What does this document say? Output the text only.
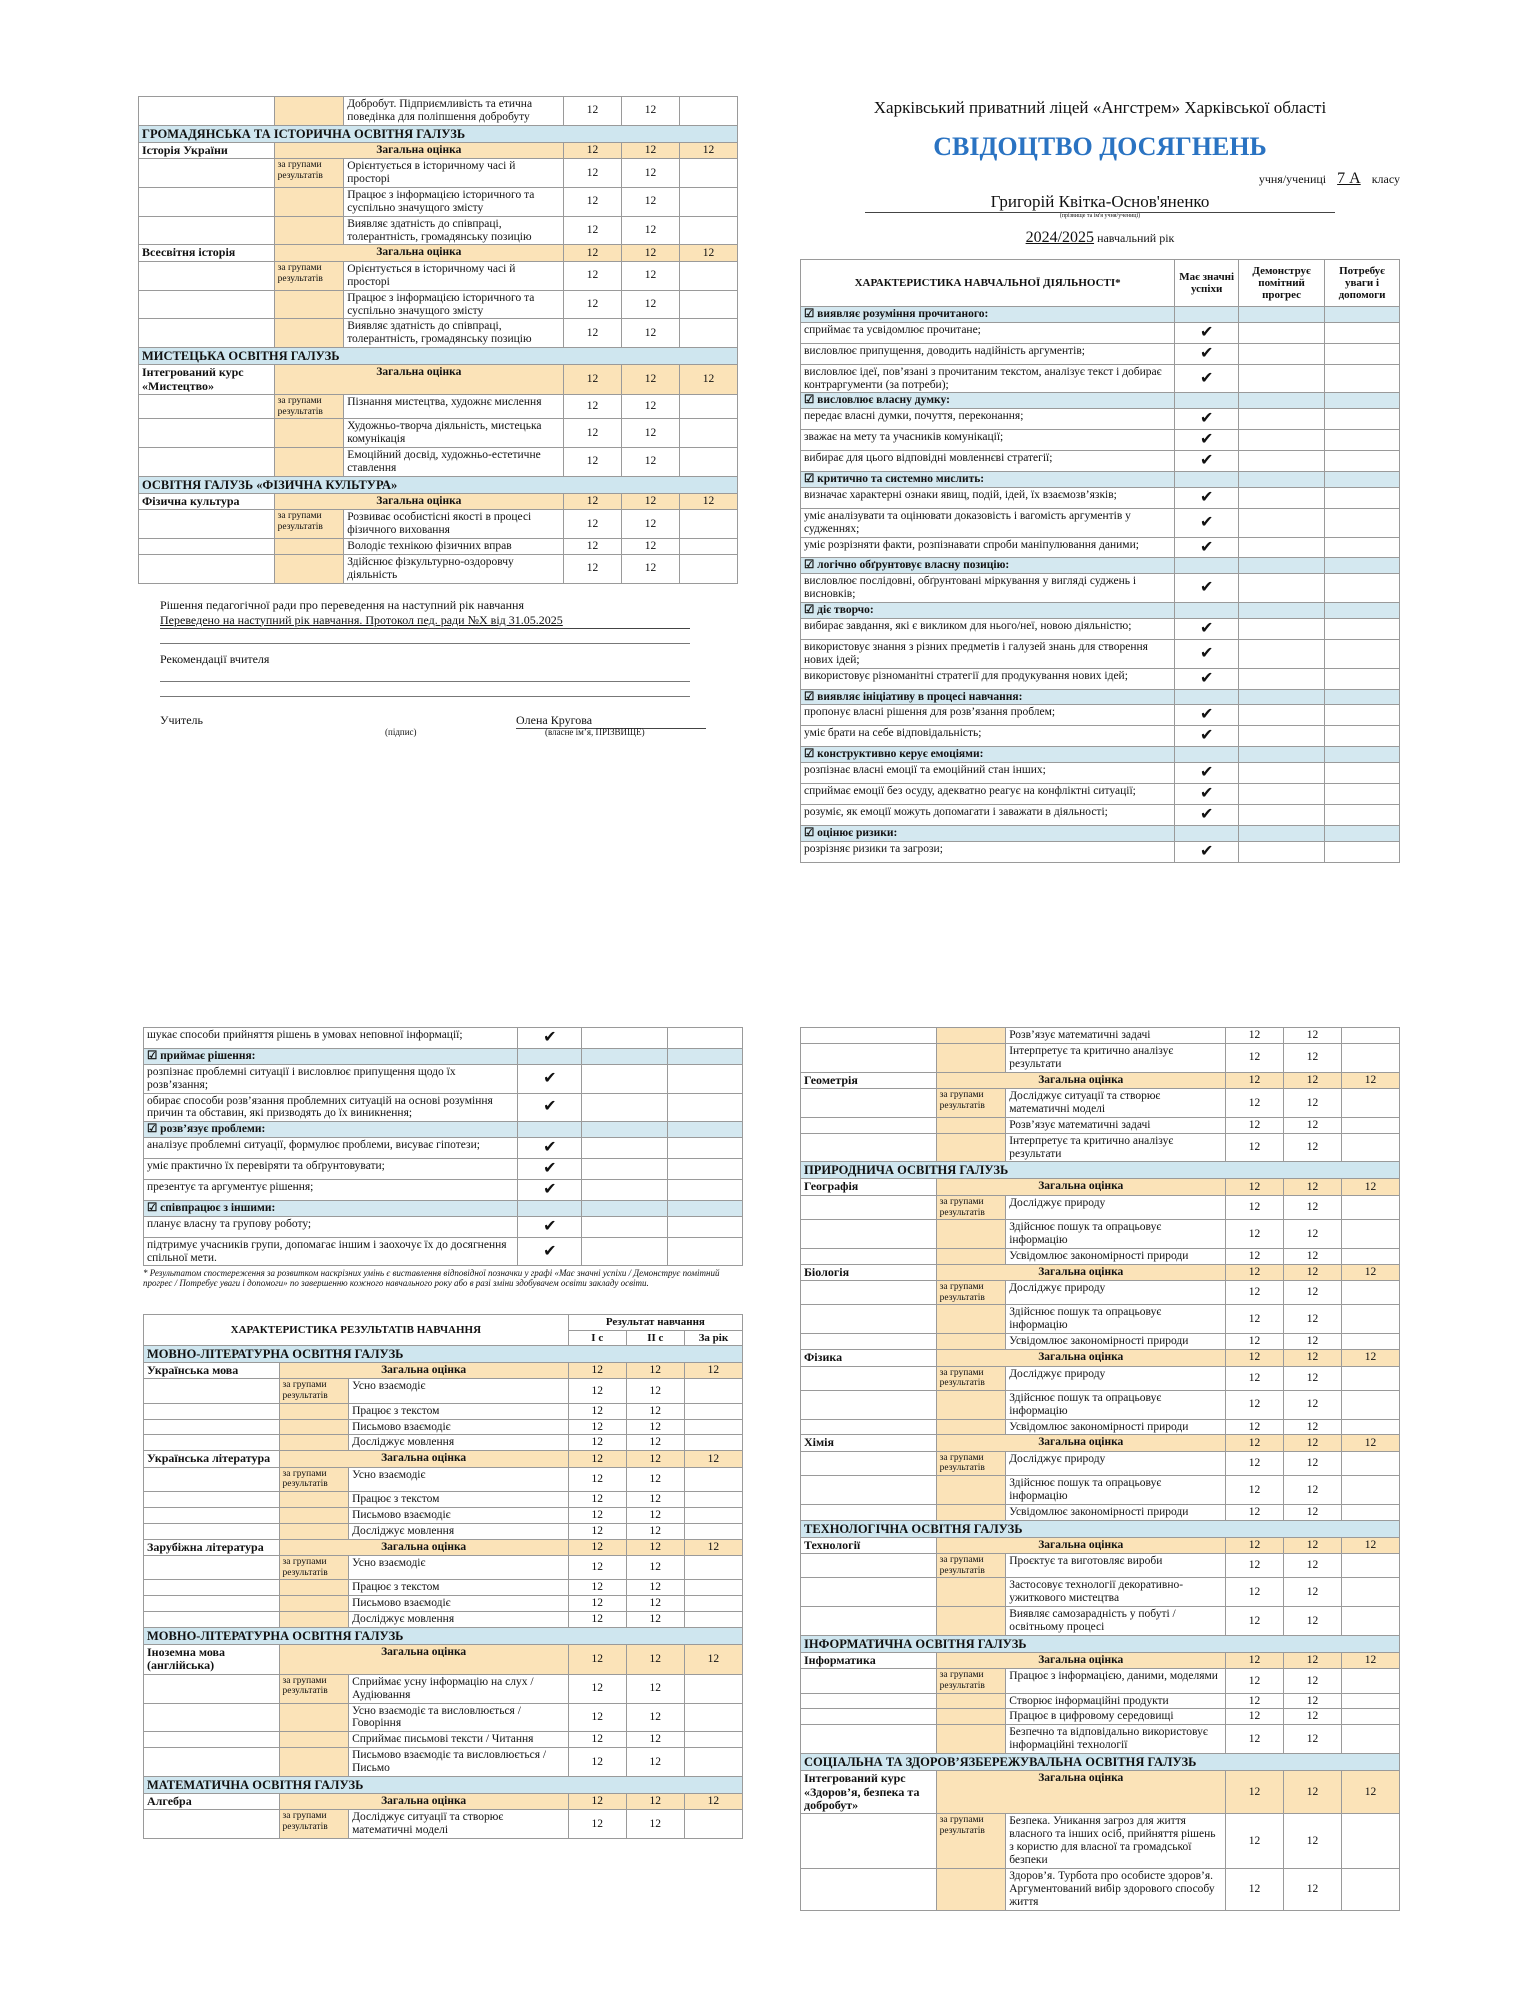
		Добробут. Підприємливість та етична поведінка для поліпшення добробуту	12	12	
ГРОМАДЯНСЬКА ТА ІСТОРИЧНА ОСВІТНЯ ГАЛУЗЬ					
Історія України	Загальна оцінка		12	12	12
	за групами результатів	Орієнтується в історичному часі й просторі	12	12	
		Працює з інформацією історичного та суспільно значущого змісту	12	12	
		Виявляє здатність до співпраці, толерантність, громадянську позицію	12	12	
Всесвітня історія	Загальна оцінка		12	12	12
	за групами результатів	Орієнтується в історичному часі й просторі	12	12	
		Працює з інформацією історичного та суспільно значущого змісту	12	12	
		Виявляє здатність до співпраці, толерантність, громадянську позицію	12	12	
МИСТЕЦЬКА ОСВІТНЯ ГАЛУЗЬ					
Інтегрований курс «Мистецтво»	Загальна оцінка		12	12	12
	за групами результатів	Пізнання мистецтва, художнє мислення	12	12	
		Художньо-творча діяльність, мистецька комунікація	12	12	
		Емоційний досвід, художньо-естетичне ставлення	12	12	
ОСВІТНЯ ГАЛУЗЬ «ФІЗИЧНА КУЛЬТУРА»					
Фізична культура	Загальна оцінка		12	12	12
	за групами результатів	Розвиває особистісні якості в процесі фізичного виховання	12	12	
		Володіє технікою фізичних вправ	12	12	
		Здійснює фізкультурно-оздоровчу діяльність	12	12	
Рішення педагогічної ради про переведення на наступний рік навчання
Переведено на наступний рік навчання. Протокол пед. ради №Х від 31.05.2025
Рекомендації вчителя
Учитель	Олена Кругова
(підпис)	(власне ім’я, ПРІЗВИЩЕ)
Харківський приватний ліцей «Ангстрем» Харківської області
СВІДОЦТВО ДОСЯГНЕНЬ
учня/учениці 7 А класу
Григорій Квітка-Основ'яненко
(прізвище та ім'я учня/учениці)
2024/2025 навчальний рік
ХАРАКТЕРИСТИКА НАВЧАЛЬНОЇ ДІЯЛЬНОСТІ*	Має значні успіхи	Демонструє помітний прогрес	Потребує уваги і допомоги
☑ виявляє розуміння прочитаного:			
сприймає та усвідомлює прочитане;	✔		
висловлює припущення, доводить надійність аргументів;	✔		
висловлює ідеї, пов’язані з прочитаним текстом, аналізує текст і добирає контраргументи (за потреби);	✔		
☑ висловлює власну думку:			
передає власні думки, почуття, переконання;	✔		
зважає на мету та учасників комунікації;	✔		
вибирає для цього відповідні мовленнєві стратегії;	✔		
☑ критично та системно мислить:			
визначає характерні ознаки явищ, подій, ідей, їх взаємозв’язків;	✔		
уміє аналізувати та оцінювати доказовість і вагомість аргументів у судженнях;	✔		
уміє розрізняти факти, розпізнавати спроби маніпулювання даними;	✔		
☑ логічно обґрунтовує власну позицію:			
висловлює послідовні, обґрунтовані міркування у вигляді суджень і висновків;	✔		
☑ діє творчо:			
вибирає завдання, які є викликом для нього/неї, новою діяльністю;	✔		
використовує знання з різних предметів і галузей знань для створення нових ідей;	✔		
використовує різноманітні стратегії для продукування нових ідей;	✔		
☑ виявляє ініціативу в процесі навчання:			
пропонує власні рішення для розв’язання проблем;	✔		
уміє брати на себе відповідальність;	✔		
☑ конструктивно керує емоціями:			
розпізнає власні емоції та емоційний стан інших;	✔		
сприймає емоції без осуду, адекватно реагує на конфліктні ситуації;	✔		
розуміє, як емоції можуть допомагати і заважати в діяльності;	✔		
☑ оцінює ризики:			
розрізняє ризики та загрози;	✔		
шукає способи прийняття рішень в умовах неповної інформації;	✔		
☑ приймає рішення:			
розпізнає проблемні ситуації і висловлює припущення щодо їх розв’язання;	✔		
обирає способи розв’язання проблемних ситуацій на основі розуміння причин та обставин, які призводять до їх виникнення;	✔		
☑ розв’язує проблеми:			
аналізує проблемні ситуації, формулює проблеми, висуває гіпотези;	✔		
уміє практично їх перевіряти та обґрунтовувати;	✔		
презентує та аргументує рішення;	✔		
☑ співпрацює з іншими:			
планує власну та групову роботу;	✔		
підтримує учасників групи, допомагає іншим і заохочує їх до досягнення спільної мети.	✔		
* Результатом спостереження за розвитком наскрізних умінь є виставлення відповідної позначки у графі «Має значні успіхи / Демонструє помітний прогрес / Потребує уваги і допомоги» по завершенню кожного навчального року або в разі зміни здобувачем освіти закладу освіти.
ХАРАКТЕРИСТИКА РЕЗУЛЬТАТІВ НАВЧАННЯ			Результат навчання		
			І с	ІІ с	За рік
МОВНО-ЛІТЕРАТУРНА ОСВІТНЯ ГАЛУЗЬ					
Українська мова	Загальна оцінка		12	12	12
	за групами результатів	Усно взаємодіє	12	12	
		Працює з текстом	12	12	
		Письмово взаємодіє	12	12	
		Досліджує мовлення	12	12	
Українська література	Загальна оцінка		12	12	12
	за групами результатів	Усно взаємодіє	12	12	
		Працює з текстом	12	12	
		Письмово взаємодіє	12	12	
		Досліджує мовлення	12	12	
Зарубіжна література	Загальна оцінка		12	12	12
	за групами результатів	Усно взаємодіє	12	12	
		Працює з текстом	12	12	
		Письмово взаємодіє	12	12	
		Досліджує мовлення	12	12	
МОВНО-ЛІТЕРАТУРНА ОСВІТНЯ ГАЛУЗЬ					
Іноземна мова (англійська)	Загальна оцінка		12	12	12
	за групами результатів	Сприймає усну інформацію на слух / Аудіювання	12	12	
		Усно взаємодіє та висловлюється / Говоріння	12	12	
		Сприймає письмові тексти / Читання	12	12	
		Письмово взаємодіє та висловлюється / Письмо	12	12	
МАТЕМАТИЧНА ОСВІТНЯ ГАЛУЗЬ					
Алгебра	Загальна оцінка		12	12	12
	за групами результатів	Досліджує ситуації та створює математичні моделі	12	12	
		Розв’язує математичні задачі	12	12	
		Інтерпретує та критично аналізує результати	12	12	
Геометрія	Загальна оцінка		12	12	12
	за групами результатів	Досліджує ситуації та створює математичні моделі	12	12	
		Розв’язує математичні задачі	12	12	
		Інтерпретує та критично аналізує результати	12	12	
ПРИРОДНИЧА ОСВІТНЯ ГАЛУЗЬ					
Географія	Загальна оцінка		12	12	12
	за групами результатів	Досліджує природу	12	12	
		Здійснює пошук та опрацьовує інформацію	12	12	
		Усвідомлює закономірності природи	12	12	
Біологія	Загальна оцінка		12	12	12
	за групами результатів	Досліджує природу	12	12	
		Здійснює пошук та опрацьовує інформацію	12	12	
		Усвідомлює закономірності природи	12	12	
Фізика	Загальна оцінка		12	12	12
	за групами результатів	Досліджує природу	12	12	
		Здійснює пошук та опрацьовує інформацію	12	12	
		Усвідомлює закономірності природи	12	12	
Хімія	Загальна оцінка		12	12	12
	за групами результатів	Досліджує природу	12	12	
		Здійснює пошук та опрацьовує інформацію	12	12	
		Усвідомлює закономірності природи	12	12	
ТЕХНОЛОГІЧНА ОСВІТНЯ ГАЛУЗЬ					
Технології	Загальна оцінка		12	12	12
	за групами результатів	Проєктує та виготовляє вироби	12	12	
		Застосовує технології декоративно-ужиткового мистецтва	12	12	
		Виявляє самозарадність у побуті / освітньому процесі	12	12	
ІНФОРМАТИЧНА ОСВІТНЯ ГАЛУЗЬ					
Інформатика	Загальна оцінка		12	12	12
	за групами результатів	Працює з інформацією, даними, моделями	12	12	
		Створює інформаційні продукти	12	12	
		Працює в цифровому середовищі	12	12	
		Безпечно та відповідально використовує інформаційні технології	12	12	
СОЦІАЛЬНА ТА ЗДОРОВ’ЯЗБЕРЕЖУВАЛЬНА ОСВІТНЯ ГАЛУЗЬ					
Інтегрований курс «Здоров’я, безпека та добробут»	Загальна оцінка		12	12	12
	за групами результатів	Безпека. Уникання загроз для життя власного та інших осіб, прийняття рішень з користю для власної та громадської безпеки	12	12	
		Здоров’я. Турбота про особисте здоров’я. Аргументований вибір здорового способу життя	12	12	
